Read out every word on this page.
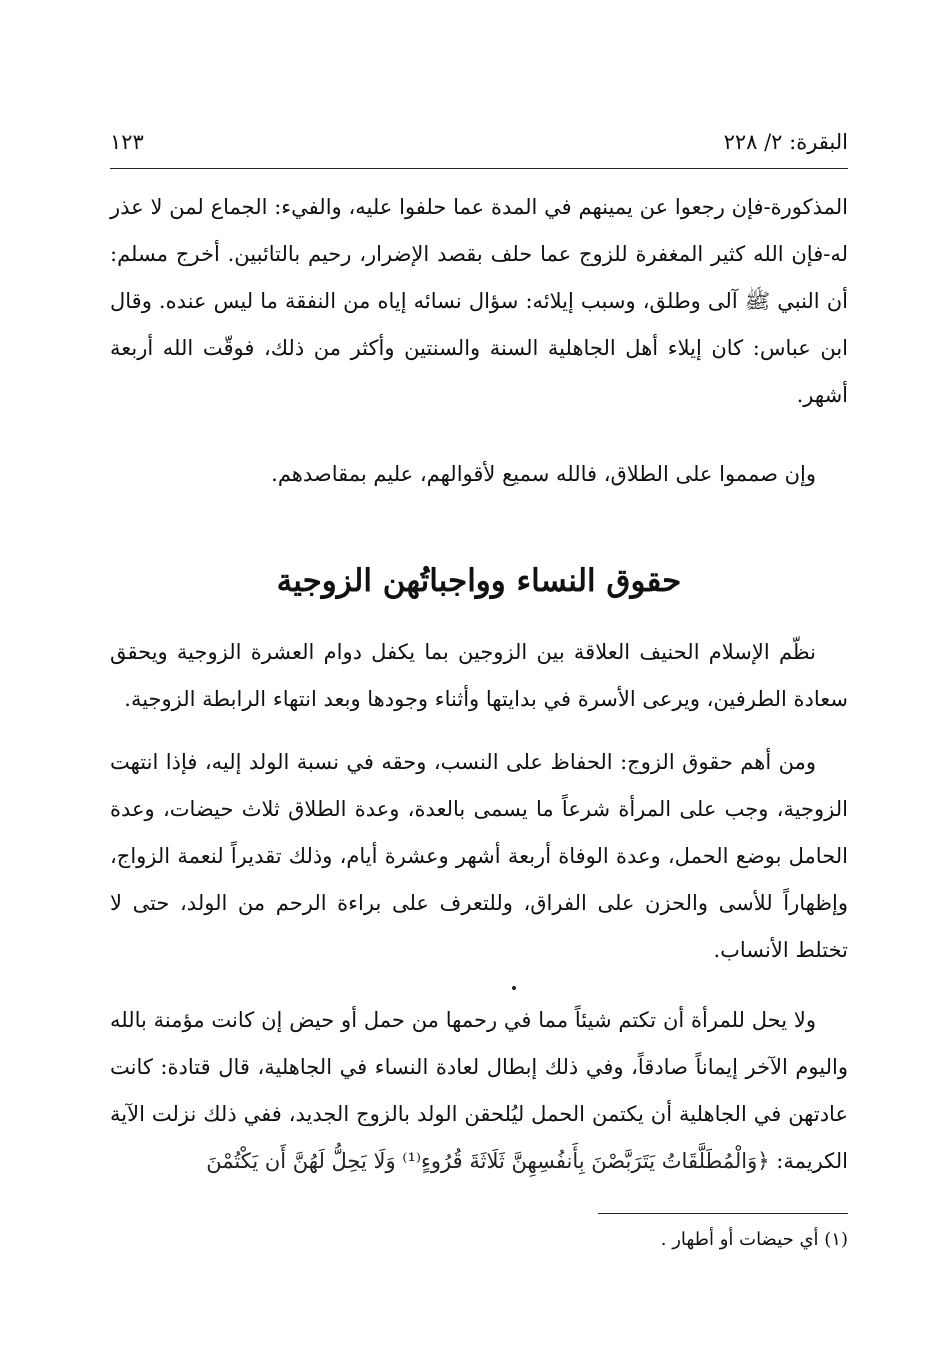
البقرة: ٢/ ٢٢٨
١٢٣

المذكورة-فإن رجعوا عن يمينهم في المدة عما حلفوا عليه، والفيء: الجماع لمن لا عذر له-فإن الله كثير المغفرة للزوج عما حلف بقصد الإضرار، رحيم بالتائبين. أخرج مسلم: أن النبي ﷺ آلى وطلق، وسبب إيلائه: سؤال نسائه إياه من النفقة ما ليس عنده. وقال ابن عباس: كان إيلاء أهل الجاهلية السنة والسنتين وأكثر من ذلك، فوقّت الله أربعة أشهر.

وإن صمموا على الطلاق، فالله سميع لأقوالهم، عليم بمقاصدهم.

حقوق النساء وواجباتُهن الزوجية

نظّم الإسلام الحنيف العلاقة بين الزوجين بما يكفل دوام العشرة الزوجية ويحقق سعادة الطرفين، ويرعى الأسرة في بدايتها وأثناء وجودها وبعد انتهاء الرابطة الزوجية.

ومن أهم حقوق الزوج: الحفاظ على النسب، وحقه في نسبة الولد إليه، فإذا انتهت الزوجية، وجب على المرأة شرعاً ما يسمى بالعدة، وعدة الطلاق ثلاث حيضات، وعدة الحامل بوضع الحمل، وعدة الوفاة أربعة أشهر وعشرة أيام، وذلك تقديراً لنعمة الزواج، وإظهاراً للأسى والحزن على الفراق، وللتعرف على براءة الرحم من الولد، حتى لا تختلط الأنساب.

ولا يحل للمرأة أن تكتم شيئاً مما في رحمها من حمل أو حيض إن كانت مؤمنة بالله واليوم الآخر إيماناً صادقاً، وفي ذلك إبطال لعادة النساء في الجاهلية، قال قتادة: كانت عادتهن في الجاهلية أن يكتمن الحمل ليُلحقن الولد بالزوج الجديد، ففي ذلك نزلت الآية الكريمة: ﴿وَالْمُطَلَّقَاتُ يَتَرَبَّصْنَ بِأَنفُسِهِنَّ ثَلَاثَةَ قُرُوءٍ⁽¹⁾ وَلَا يَحِلُّ لَهُنَّ أَن يَكْتُمْنَ

(١) أي حيضات أو أطهار .
